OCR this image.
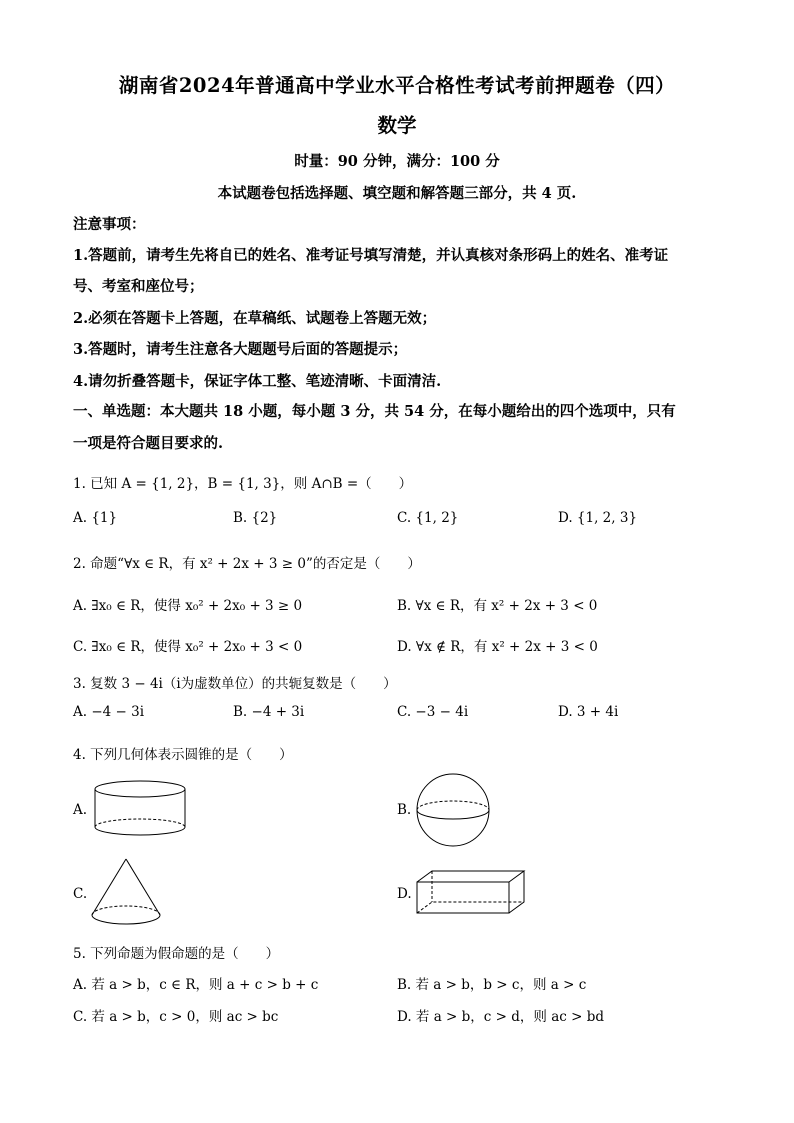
湖南省2024年普通高中学业水平合格性考试考前押题卷（四）
数学
时量：90 分钟，满分：100 分
本试题卷包括选择题、填空题和解答题三部分，共 4 页.
注意事项：
1.答题前，请考生先将自已的姓名、准考证号填写清楚，并认真核对条形码上的姓名、准考证
号、考室和座位号；
2.必须在答题卡上答题，在草稿纸、试题卷上答题无效；
3.答题时，请考生注意各大题题号后面的答题提示；
4.请勿折叠答题卡，保证字体工整、笔迹清晰、卡面清洁.
一、单选题：本大题共 18 小题，每小题 3 分，共 54 分，在每小题给出的四个选项中，只有
一项是符合题目要求的.
1. 已知 A = {1, 2}，B = {1, 3}，则 A∩B =（　　）
A. {1}	B. {2}	C. {1, 2}	D. {1, 2, 3}
2. 命题“∀x ∈ R，有 x² + 2x + 3 ≥ 0”的否定是（　　）
A. ∃x₀ ∈ R，使得 x₀² + 2x₀ + 3 ≥ 0	B. ∀x ∈ R，有 x² + 2x + 3 < 0
C. ∃x₀ ∈ R，使得 x₀² + 2x₀ + 3 < 0	D. ∀x ∉ R，有 x² + 2x + 3 < 0
3. 复数 3 − 4i（i为虚数单位）的共轭复数是（　　）
A. −4 − 3i	B. −4 + 3i	C. −3 − 4i	D. 3 + 4i
4. 下列几何体表示圆锥的是（　　）
A.	B.
C.	D.
5. 下列命题为假命题的是（　　）
A. 若 a > b，c ∈ R，则 a + c > b + c	B. 若 a > b，b > c，则 a > c
C. 若 a > b，c > 0，则 ac > bc	D. 若 a > b，c > d，则 ac > bd
